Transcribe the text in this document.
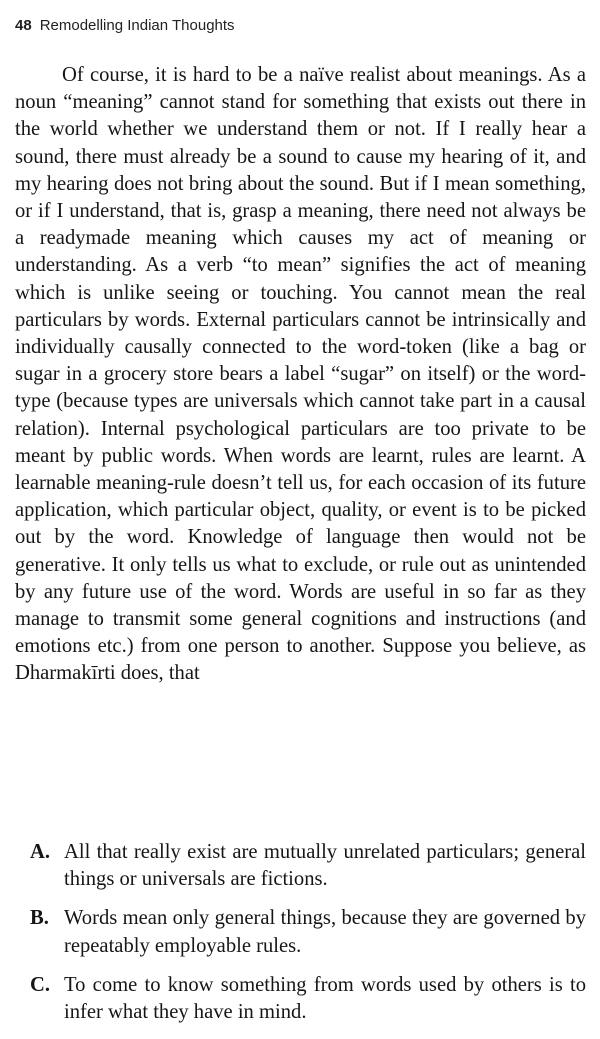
48 Remodelling Indian Thoughts

Of course, it is hard to be a naïve realist about meanings. As a noun “meaning” cannot stand for something that exists out there in the world whether we understand them or not. If I really hear a sound, there must already be a sound to cause my hearing of it, and my hearing does not bring about the sound. But if I mean something, or if I understand, that is, grasp a meaning, there need not always be a readymade meaning which causes my act of meaning or understanding. As a verb “to mean” signifies the act of meaning which is unlike seeing or touching. You cannot mean the real particulars by words. External particulars cannot be intrinsically and individually causally connected to the word-token (like a bag or sugar in a grocery store bears a label “sugar” on itself) or the word-type (because types are universals which cannot take part in a causal relation). Internal psychological particulars are too private to be meant by public words. When words are learnt, rules are learnt. A learnable meaning-rule doesn’t tell us, for each occasion of its future application, which particular object, quality, or event is to be picked out by the word. Knowledge of language then would not be generative. It only tells us what to exclude, or rule out as unintended by any future use of the word. Words are useful in so far as they manage to transmit some general cognitions and instructions (and emotions etc.) from one person to another. Suppose you believe, as Dharmakīrti does, that

A. All that really exist are mutually unrelated particulars; general things or universals are fictions.
B. Words mean only general things, because they are governed by repeatably employable rules.
C. To come to know something from words used by others is to infer what they have in mind.
